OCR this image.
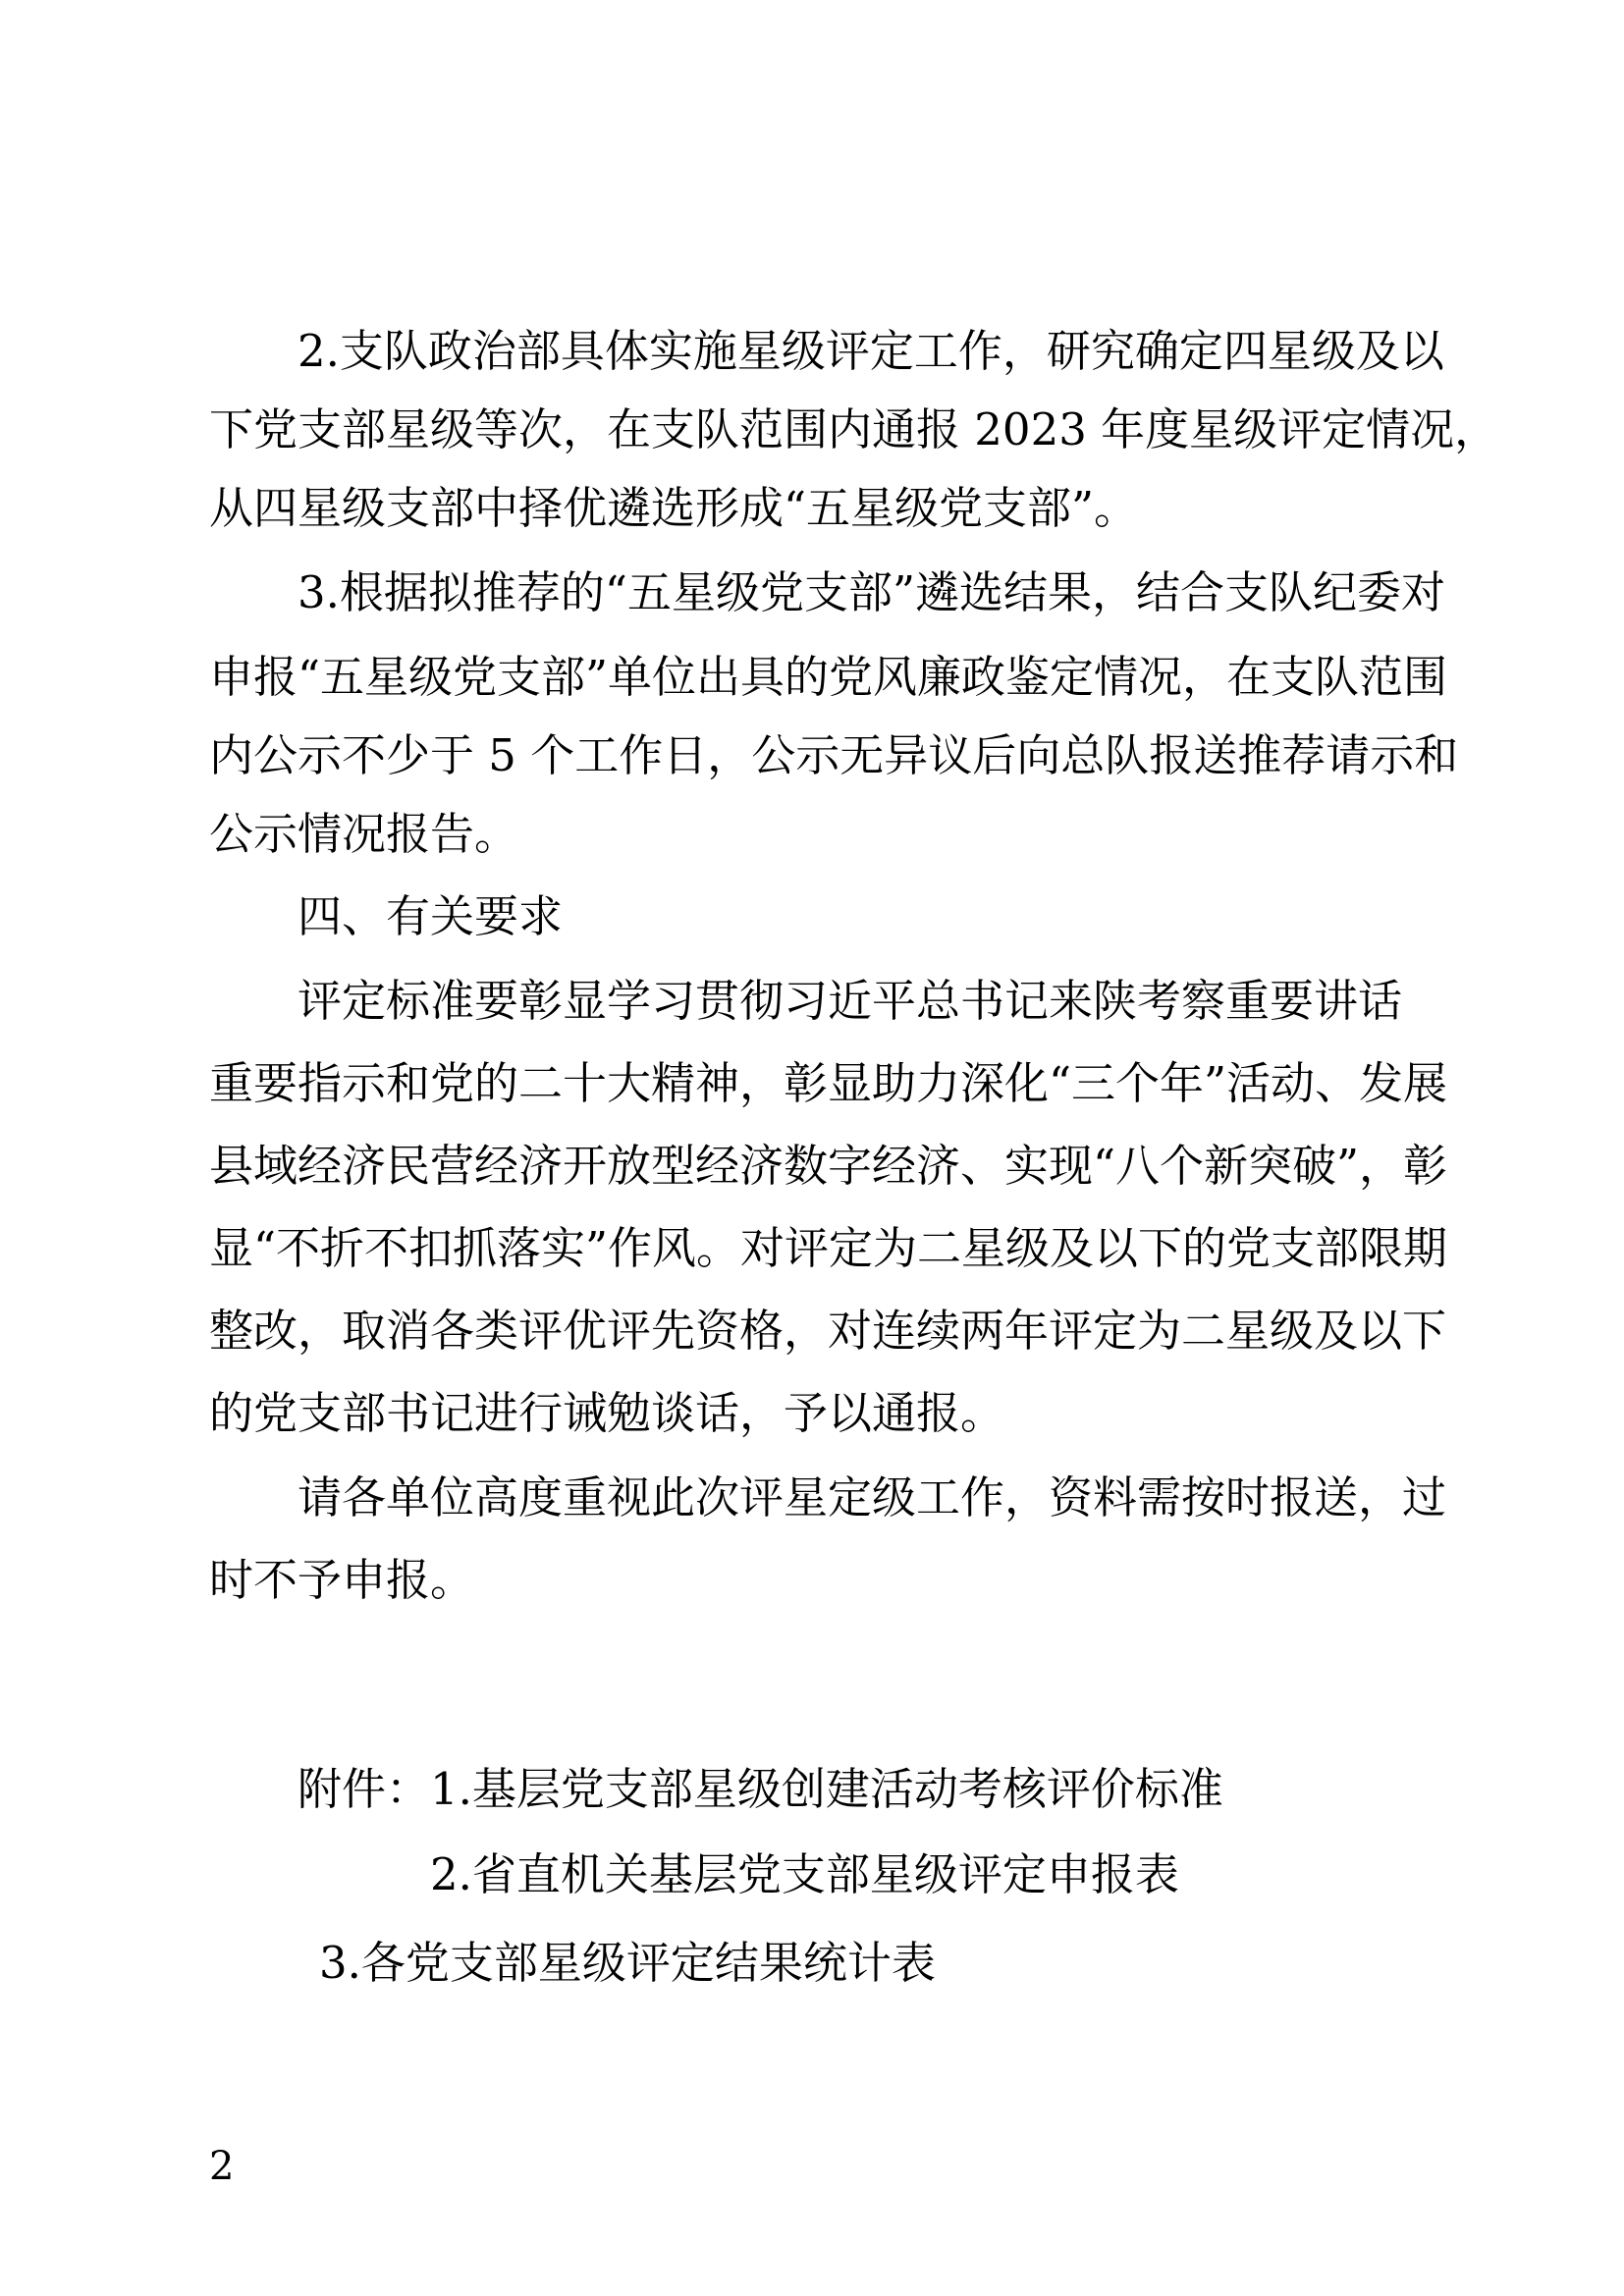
2.支队政治部具体实施星级评定工作，研究确定四星级及以
下党支部星级等次，在支队范围内通报 2023 年度星级评定情况，
从四星级支部中择优遴选形成“五星级党支部”。
3.根据拟推荐的“五星级党支部”遴选结果，结合支队纪委对
申报“五星级党支部”单位出具的党风廉政鉴定情况，在支队范围
内公示不少于 5 个工作日，公示无异议后向总队报送推荐请示和
公示情况报告。
四、有关要求
评定标准要彰显学习贯彻习近平总书记来陕考察重要讲话
重要指示和党的二十大精神，彰显助力深化“三个年”活动、发展
县域经济民营经济开放型经济数字经济、实现“八个新突破”，彰
显“不折不扣抓落实”作风。对评定为二星级及以下的党支部限期
整改，取消各类评优评先资格，对连续两年评定为二星级及以下
的党支部书记进行诫勉谈话，予以通报。
请各单位高度重视此次评星定级工作，资料需按时报送，过
时不予申报。
附件： 1.基层党支部星级创建活动考核评价标准
2.省直机关基层党支部星级评定申报表
3.各党支部星级评定结果统计表
2
